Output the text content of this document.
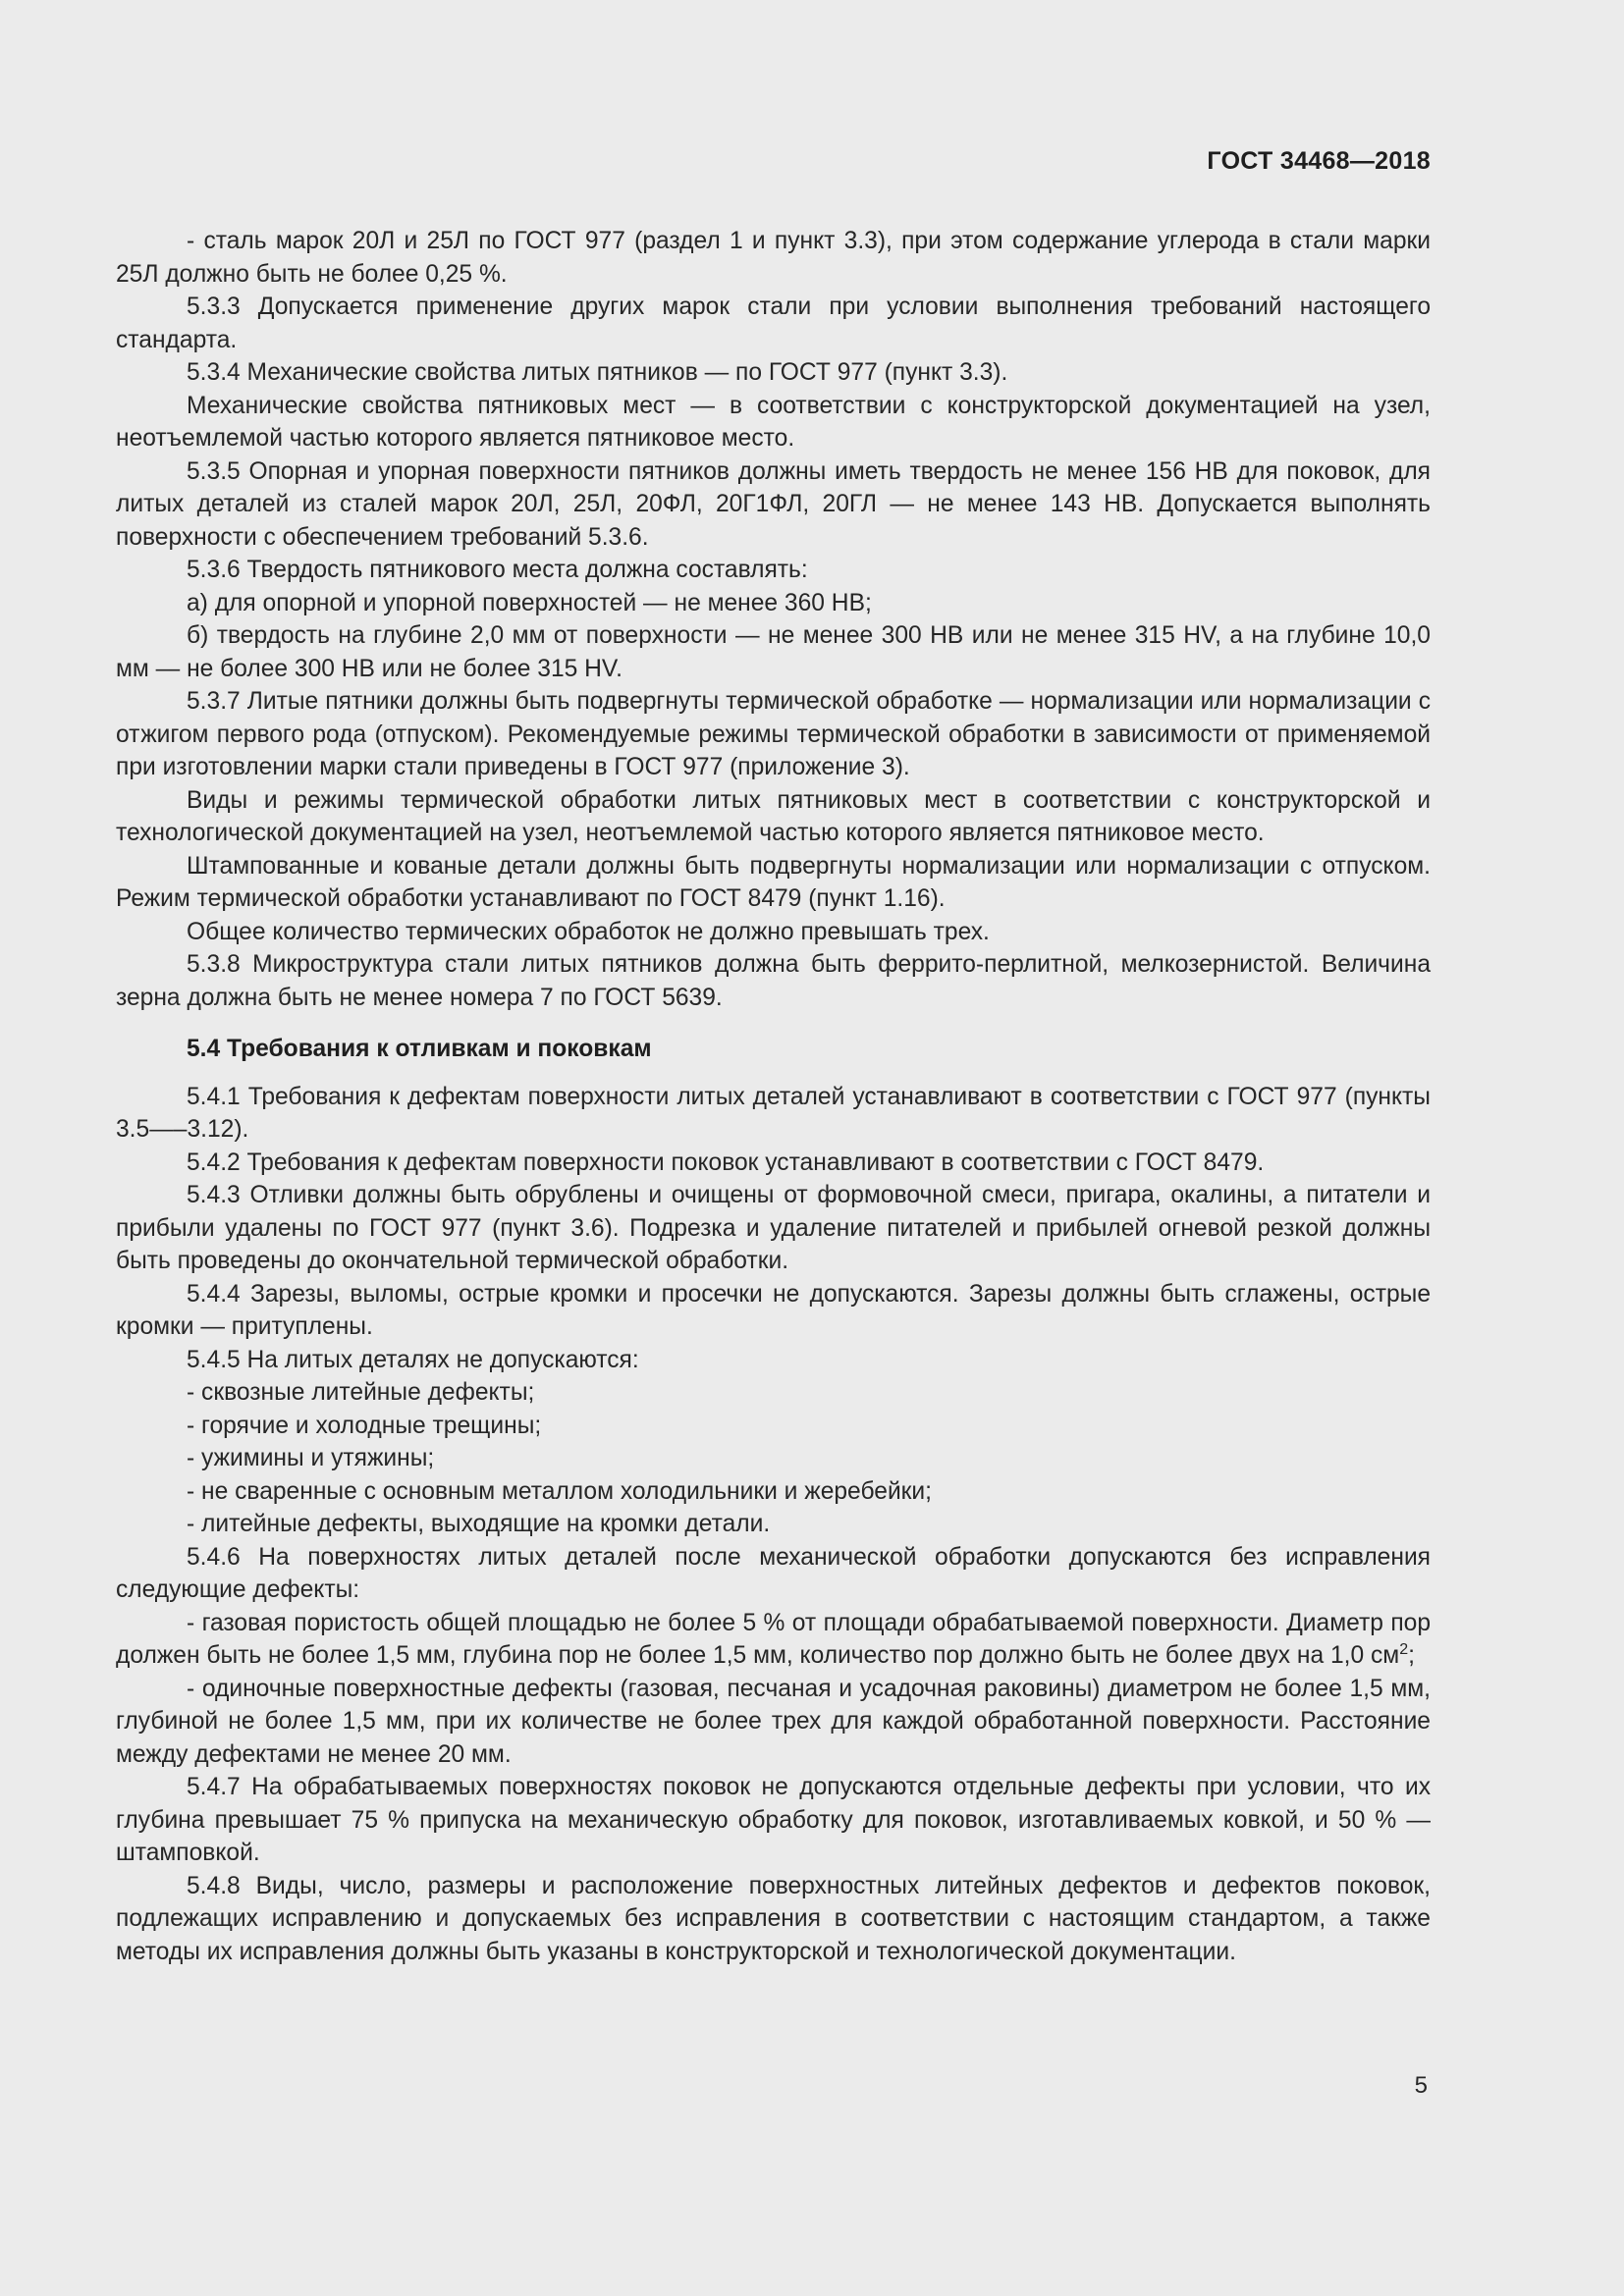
ГОСТ 34468—2018

- сталь марок 20Л и 25Л по ГОСТ 977 (раздел 1 и пункт 3.3), при этом содержание углерода в стали марки 25Л должно быть не более 0,25 %.

5.3.3 Допускается применение других марок стали при условии выполнения требований настоящего стандарта.

5.3.4 Механические свойства литых пятников — по ГОСТ 977 (пункт 3.3).

Механические свойства пятниковых мест — в соответствии с конструкторской документацией на узел, неотъемлемой частью которого является пятниковое место.

5.3.5 Опорная и упорная поверхности пятников должны иметь твердость не менее 156 НВ для поковок, для литых деталей из сталей марок 20Л, 25Л, 20ФЛ, 20Г1ФЛ, 20ГЛ — не менее 143 НВ. Допускается выполнять поверхности с обеспечением требований 5.3.6.

5.3.6 Твердость пятникового места должна составлять:

а) для опорной и упорной поверхностей — не менее 360 НВ;

б) твердость на глубине 2,0 мм от поверхности — не менее 300 НВ или не менее 315 HV, а на глубине 10,0 мм — не более 300 НВ или не более 315 HV.

5.3.7 Литые пятники должны быть подвергнуты термической обработке — нормализации или нормализации с отжигом первого рода (отпуском). Рекомендуемые режимы термической обработки в зависимости от применяемой при изготовлении марки стали приведены в ГОСТ 977 (приложение 3).

Виды и режимы термической обработки литых пятниковых мест в соответствии с конструкторской и технологической документацией на узел, неотъемлемой частью которого является пятниковое место.

Штампованные и кованые детали должны быть подвергнуты нормализации или нормализации с отпуском. Режим термической обработки устанавливают по ГОСТ 8479 (пункт 1.16).

Общее количество термических обработок не должно превышать трех.

5.3.8 Микроструктура стали литых пятников должна быть феррито-перлитной, мелкозернистой. Величина зерна должна быть не менее номера 7 по ГОСТ 5639.

5.4 Требования к отливкам и поковкам

5.4.1 Требования к дефектам поверхности литых деталей устанавливают в соответствии с ГОСТ 977 (пункты 3.5—–3.12).

5.4.2 Требования к дефектам поверхности поковок устанавливают в соответствии с ГОСТ 8479.

5.4.3 Отливки должны быть обрублены и очищены от формовочной смеси, пригара, окалины, а питатели и прибыли удалены по ГОСТ 977 (пункт 3.6). Подрезка и удаление питателей и прибылей огневой резкой должны быть проведены до окончательной термической обработки.

5.4.4 Зарезы, выломы, острые кромки и просечки не допускаются. Зарезы должны быть сглажены, острые кромки — притуплены.

5.4.5 На литых деталях не допускаются:

- сквозные литейные дефекты;

- горячие и холодные трещины;

- ужимины и утяжины;

- не сваренные с основным металлом холодильники и жеребейки;

- литейные дефекты, выходящие на кромки детали.

5.4.6 На поверхностях литых деталей после механической обработки допускаются без исправления следующие дефекты:

- газовая пористость общей площадью не более 5 % от площади обрабатываемой поверхности. Диаметр пор должен быть не более 1,5 мм, глубина пор не более 1,5 мм, количество пор должно быть не более двух на 1,0 $см^2$;

- одиночные поверхностные дефекты (газовая, песчаная и усадочная раковины) диаметром не более 1,5 мм, глубиной не более 1,5 мм, при их количестве не более трех для каждой обработанной поверхности. Расстояние между дефектами не менее 20 мм.

5.4.7 На обрабатываемых поверхностях поковок не допускаются отдельные дефекты при условии, что их глубина превышает 75 % припуска на механическую обработку для поковок, изготавливаемых ковкой, и 50 % — штамповкой.

5.4.8 Виды, число, размеры и расположение поверхностных литейных дефектов и дефектов поковок, подлежащих исправлению и допускаемых без исправления в соответствии с настоящим стандартом, а также методы их исправления должны быть указаны в конструкторской и технологической документации.

5
